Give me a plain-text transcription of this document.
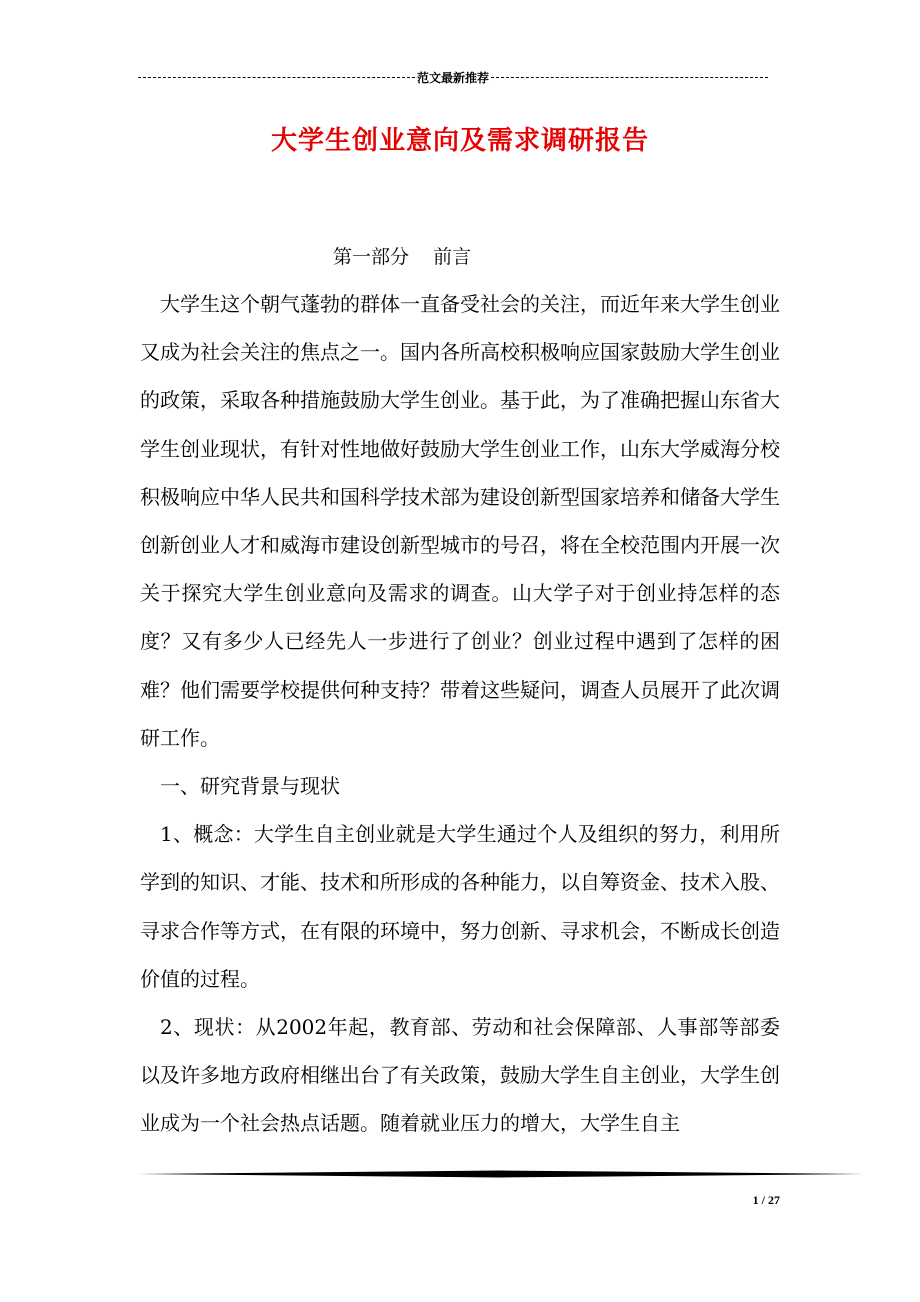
范文最新推荐
大学生创业意向及需求调研报告
第一部分    前言

大学生这个朝气蓬勃的群体一直备受社会的关注，而近年来大学生创业又成为社会关注的焦点之一。国内各所高校积极响应国家鼓励大学生创业的政策，采取各种措施鼓励大学生创业。基于此，为了准确把握山东省大学生创业现状，有针对性地做好鼓励大学生创业工作，山东大学威海分校积极响应中华人民共和国科学技术部为建设创新型国家培养和储备大学生创新创业人才和威海市建设创新型城市的号召，将在全校范围内开展一次关于探究大学生创业意向及需求的调查。山大学子对于创业持怎样的态度？又有多少人已经先人一步进行了创业？创业过程中遇到了怎样的困难？他们需要学校提供何种支持？带着这些疑问，调查人员展开了此次调研工作。

一、研究背景与现状

1、概念：大学生自主创业就是大学生通过个人及组织的努力，利用所学到的知识、才能、技术和所形成的各种能力，以自筹资金、技术入股、寻求合作等方式，在有限的环境中，努力创新、寻求机会，不断成长创造价值的过程。

2、现状：从2002年起，教育部、劳动和社会保障部、人事部等部委以及许多地方政府相继出台了有关政策，鼓励大学生自主创业，大学生创业成为一个社会热点话题。随着就业压力的增大，大学生自主

1 / 27
